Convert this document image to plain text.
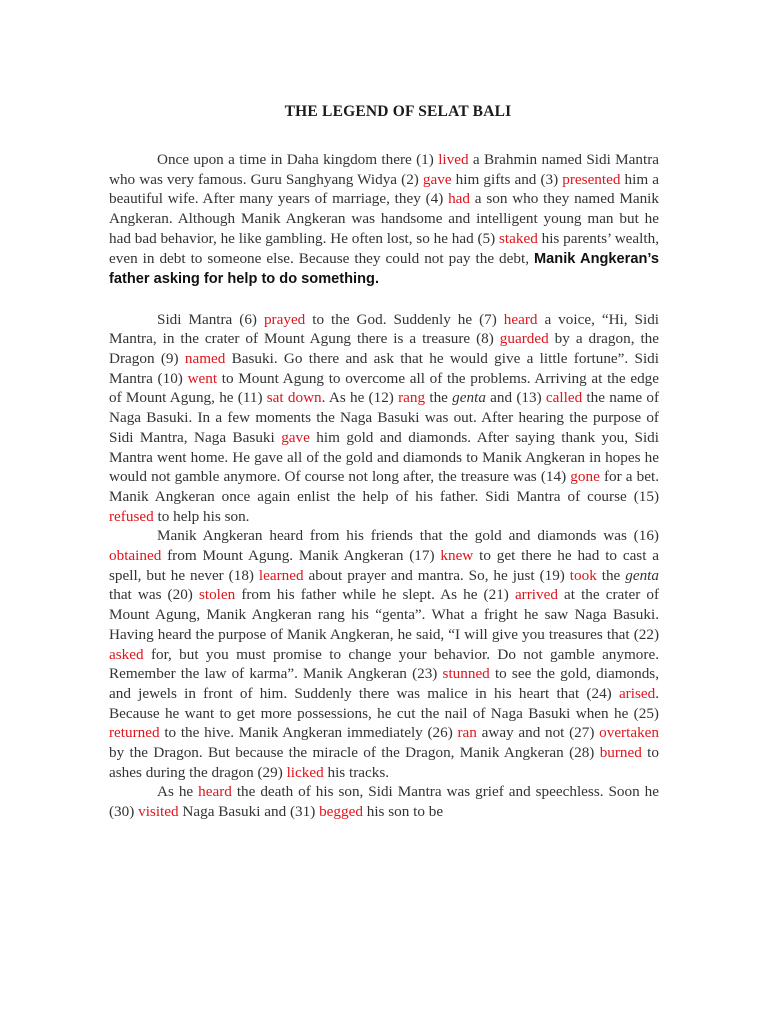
THE LEGEND OF SELAT BALI

Once upon a time in Daha kingdom there (1) lived a Brahmin named Sidi Mantra who was very famous. Guru Sanghyang Widya (2) gave him gifts and (3) presented him a beautiful wife. After many years of marriage, they (4) had a son who they named Manik Angkeran. Although Manik Angkeran was handsome and intelligent young man but he had bad behavior, he like gambling. He often lost, so he had (5) staked his parents’ wealth, even in debt to someone else. Because they could not pay the debt, Manik Angkeran’s father asking for help to do something.

Sidi Mantra (6) prayed to the God. Suddenly he (7) heard a voice, “Hi, Sidi Mantra, in the crater of Mount Agung there is a treasure (8) guarded by a dragon, the Dragon (9) named Basuki. Go there and ask that he would give a little fortune”. Sidi Mantra (10) went to Mount Agung to overcome all of the problems. Arriving at the edge of Mount Agung, he (11) sat down. As he (12) rang the genta and (13) called the name of Naga Basuki. In a few moments the Naga Basuki was out. After hearing the purpose of Sidi Mantra, Naga Basuki gave him gold and diamonds. After saying thank you, Sidi Mantra went home. He gave all of the gold and diamonds to Manik Angkeran in hopes he would not gamble anymore. Of course not long after, the treasure was (14) gone for a bet. Manik Angkeran once again enlist the help of his father. Sidi Mantra of course (15) refused to help his son.

Manik Angkeran heard from his friends that the gold and diamonds was (16) obtained from Mount Agung. Manik Angkeran (17) knew to get there he had to cast a spell, but he never (18) learned about prayer and mantra. So, he just (19) took the genta that was (20) stolen from his father while he slept. As he (21) arrived at the crater of Mount Agung, Manik Angkeran rang his “genta”. What a fright he saw Naga Basuki. Having heard the purpose of Manik Angkeran, he said, “I will give you treasures that (22) asked for, but you must promise to change your behavior. Do not gamble anymore. Remember the law of karma”. Manik Angkeran (23) stunned to see the gold, diamonds, and jewels in front of him. Suddenly there was malice in his heart that (24) arised. Because he want to get more possessions, he cut the nail of Naga Basuki when he (25) returned to the hive. Manik Angkeran immediately (26) ran away and not (27) overtaken by the Dragon. But because the miracle of the Dragon, Manik Angkeran (28) burned to ashes during the dragon (29) licked his tracks.

As he heard the death of his son, Sidi Mantra was grief and speechless. Soon he (30) visited Naga Basuki and (31) begged his son to be
